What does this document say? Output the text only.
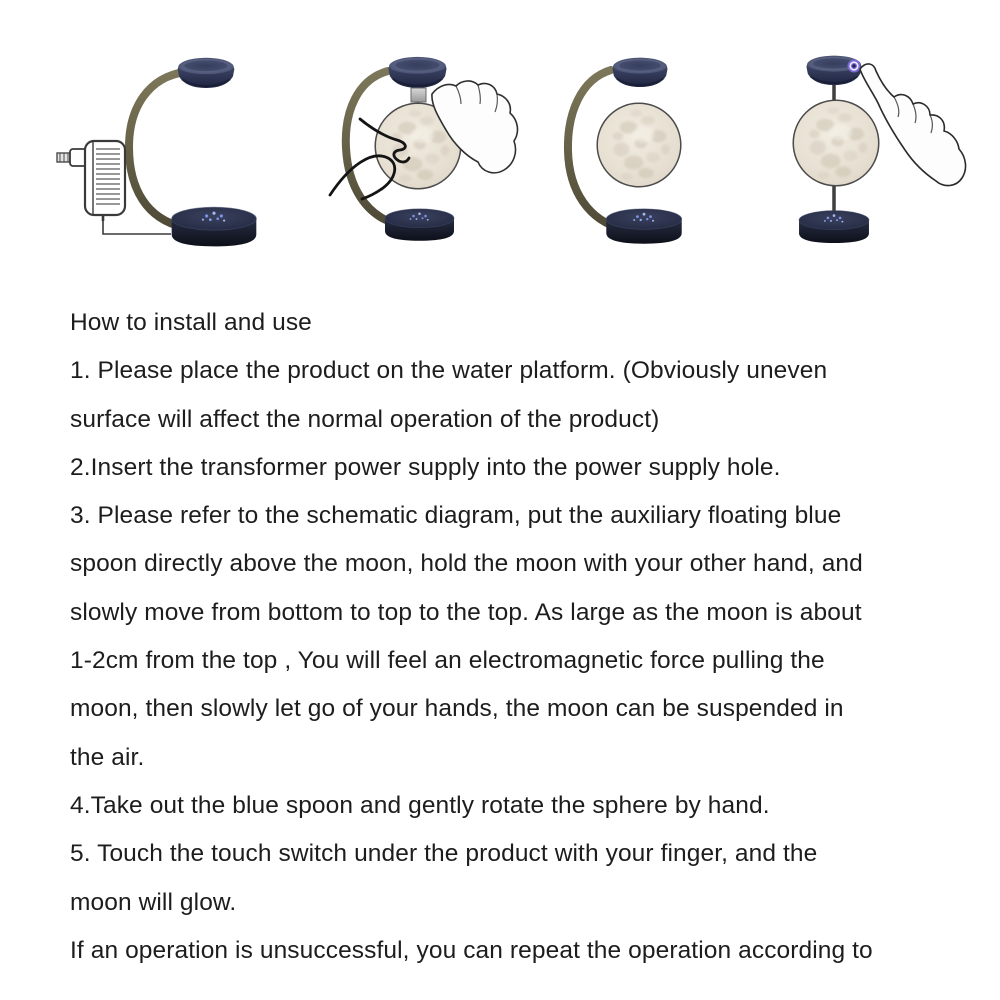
How to install and use
1. Please place the product on the water platform. (Obviously uneven
surface will affect the normal operation of the product)
2.Insert the transformer power supply into the power supply hole.
3. Please refer to the schematic diagram, put the auxiliary floating blue
spoon directly above the moon, hold the moon with your other hand, and
slowly move from bottom to top to the top. As large as the moon is about
1-2cm from the top , You will feel an electromagnetic force pulling the
moon, then slowly let go of your hands, the moon can be suspended in
the air.
4.Take out the blue spoon and gently rotate the sphere by hand.
5. Touch the touch switch under the product with your finger, and the
moon will glow.
If an operation is unsuccessful, you can repeat the operation according to
